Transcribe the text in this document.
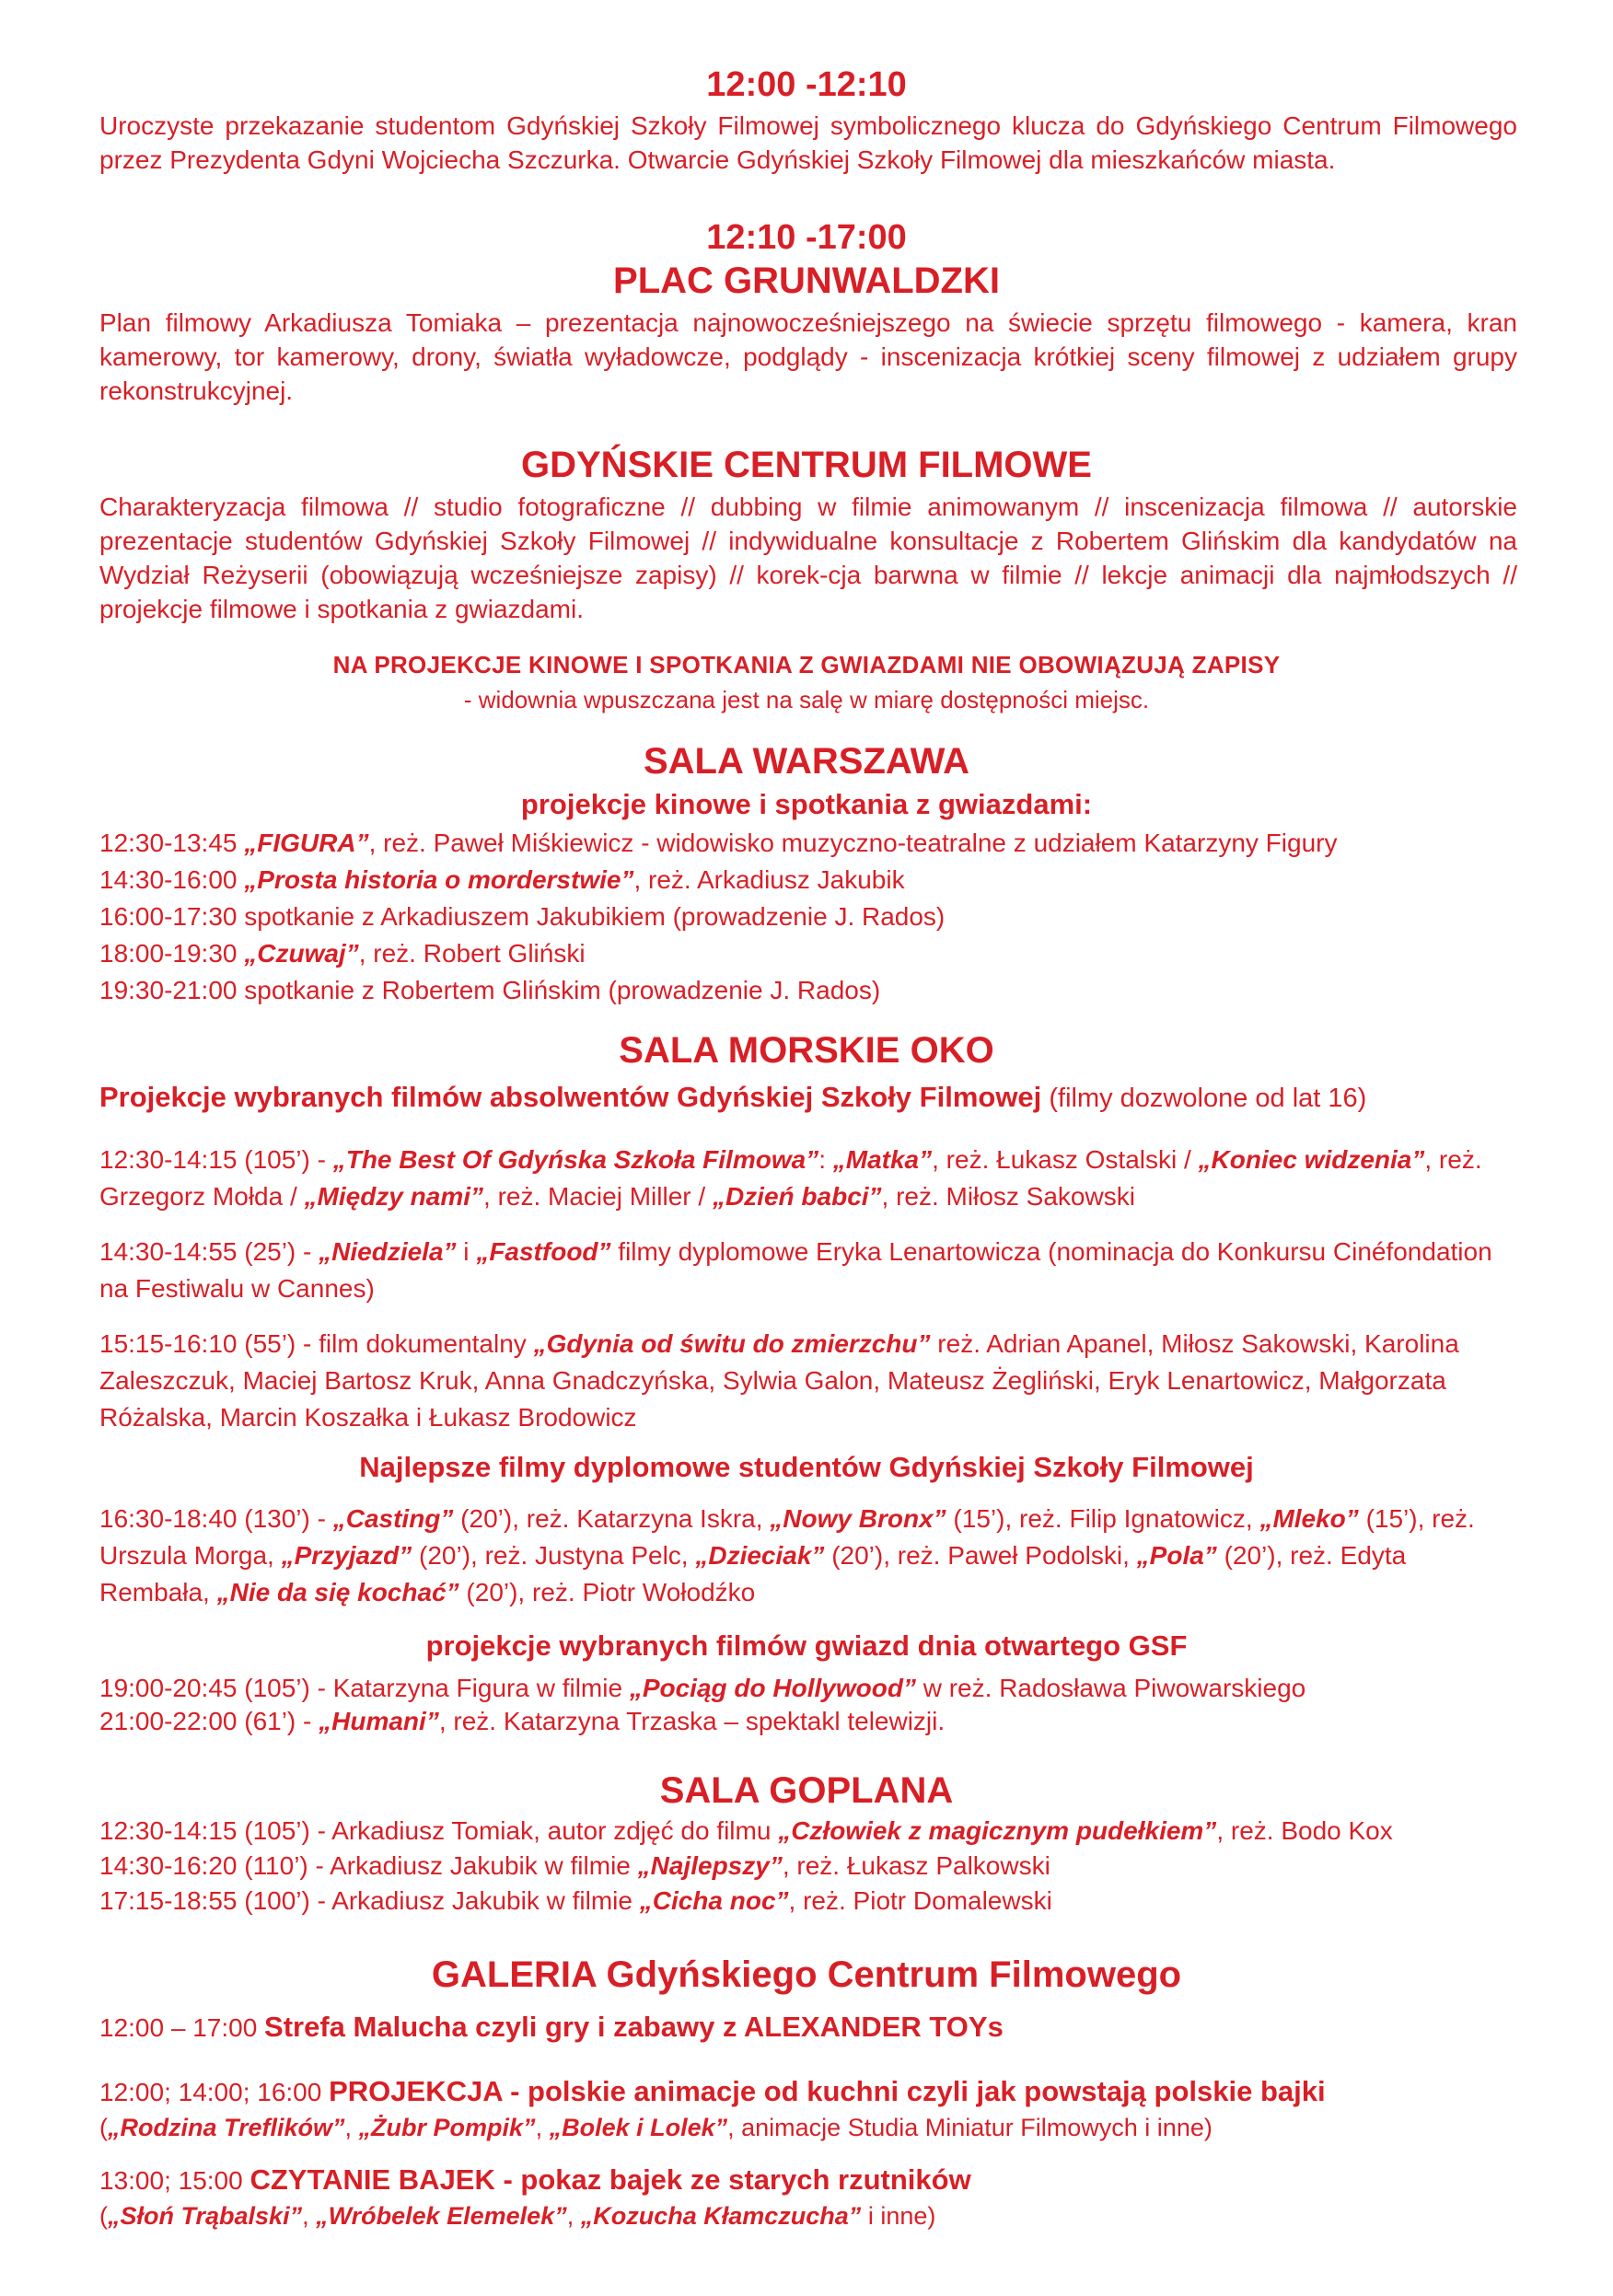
12:00 -12:10
Uroczyste przekazanie studentom Gdyńskiej Szkoły Filmowej symbolicznego klucza do Gdyńskiego Centrum Filmowego przez Prezydenta Gdyni Wojciecha Szczurka. Otwarcie Gdyńskiej Szkoły Filmowej dla mieszkańców miasta.
12:10 -17:00
PLAC GRUNWALDZKI
Plan filmowy Arkadiusza Tomiaka – prezentacja najnowocześniejszego na świecie sprzętu filmowego - kamera, kran kamerowy, tor kamerowy, drony, światła wyładowcze, podglądy - inscenizacja krótkiej sceny filmowej z udziałem grupy rekonstrukcyjnej.
GDYŃSKIE CENTRUM FILMOWE
Charakteryzacja filmowa // studio fotograficzne // dubbing w filmie animowanym // inscenizacja filmowa // autorskie prezentacje studentów Gdyńskiej Szkoły Filmowej // indywidualne konsultacje z Robertem Glińskim dla kandydatów na Wydział Reżyserii (obowiązują wcześniejsze zapisy) // korek-cja barwna w filmie // lekcje animacji dla najmłodszych // projekcje filmowe i spotkania z gwiazdami.
NA PROJEKCJE KINOWE I SPOTKANIA Z GWIAZDAMI NIE OBOWIĄZUJĄ ZAPISY
- widownia wpuszczana jest na salę w miarę dostępności miejsc.
SALA WARSZAWA
projekcje kinowe i spotkania z gwiazdami:
12:30-13:45 „FIGURA”, reż. Paweł Miśkiewicz - widowisko muzyczno-teatralne z udziałem Katarzyny Figury
14:30-16:00 „Prosta historia o morderstwie”, reż. Arkadiusz Jakubik
16:00-17:30 spotkanie z Arkadiuszem Jakubikiem (prowadzenie J. Rados)
18:00-19:30 „Czuwaj”, reż. Robert Gliński
19:30-21:00 spotkanie z Robertem Glińskim (prowadzenie J. Rados)
SALA MORSKIE OKO
Projekcje wybranych filmów absolwentów Gdyńskiej Szkoły Filmowej (filmy dozwolone od lat 16)
12:30-14:15 (105’) - „The Best Of Gdyńska Szkoła Filmowa”: „Matka”, reż. Łukasz Ostalski / „Koniec widzenia”, reż. Grzegorz Mołda / „Między nami”, reż. Maciej Miller / „Dzień babci”, reż. Miłosz Sakowski
14:30-14:55 (25’) - „Niedziela” i „Fastfood” filmy dyplomowe Eryka Lenartowicza (nominacja do Konkursu Cinéfondation na Festiwalu w Cannes)
15:15-16:10 (55’) - film dokumentalny „Gdynia od świtu do zmierzchu” reż. Adrian Apanel, Miłosz Sakowski, Karolina Zaleszczuk, Maciej Bartosz Kruk, Anna Gnadczyńska, Sylwia Galon, Mateusz Żegliński, Eryk Lenartowicz, Małgorzata Różalska, Marcin Koszałka i Łukasz Brodowicz
Najlepsze filmy dyplomowe studentów Gdyńskiej Szkoły Filmowej
16:30-18:40 (130’) - „Casting” (20’), reż. Katarzyna Iskra, „Nowy Bronx” (15’), reż. Filip Ignatowicz, „Mleko” (15’), reż. Urszula Morga, „Przyjazd” (20’), reż. Justyna Pelc, „Dzieciak” (20’), reż. Paweł Podolski, „Pola” (20’), reż. Edyta Rembała, „Nie da się kochać” (20’), reż. Piotr Wołodźko
projekcje wybranych filmów gwiazd dnia otwartego GSF
19:00-20:45 (105’) - Katarzyna Figura w filmie „Pociąg do Hollywood” w reż. Radosława Piwowarskiego
21:00-22:00 (61’) - „Humani”, reż. Katarzyna Trzaska – spektakl telewizji.
SALA GOPLANA
12:30-14:15 (105’) - Arkadiusz Tomiak, autor zdjęć do filmu „Człowiek z magicznym pudełkiem”, reż. Bodo Kox
14:30-16:20 (110’) - Arkadiusz Jakubik w filmie „Najlepszy”, reż. Łukasz Palkowski
17:15-18:55 (100’) - Arkadiusz Jakubik w filmie „Cicha noc”, reż. Piotr Domalewski
GALERIA Gdyńskiego Centrum Filmowego
12:00 – 17:00 Strefa Malucha czyli gry i zabawy z ALEXANDER TOYs
12:00; 14:00; 16:00 PROJEKCJA - polskie animacje od kuchni czyli jak powstają polskie bajki
(„Rodzina Treflików”, „Żubr Pompik”, „Bolek i Lolek”, animacje Studia Miniatur Filmowych i inne)
13:00; 15:00 CZYTANIE BAJEK - pokaz bajek ze starych rzutników
(„Słoń Trąbalski”, „Wróbelek Elemelek”, „Kozucha Kłamczucha” i inne)
